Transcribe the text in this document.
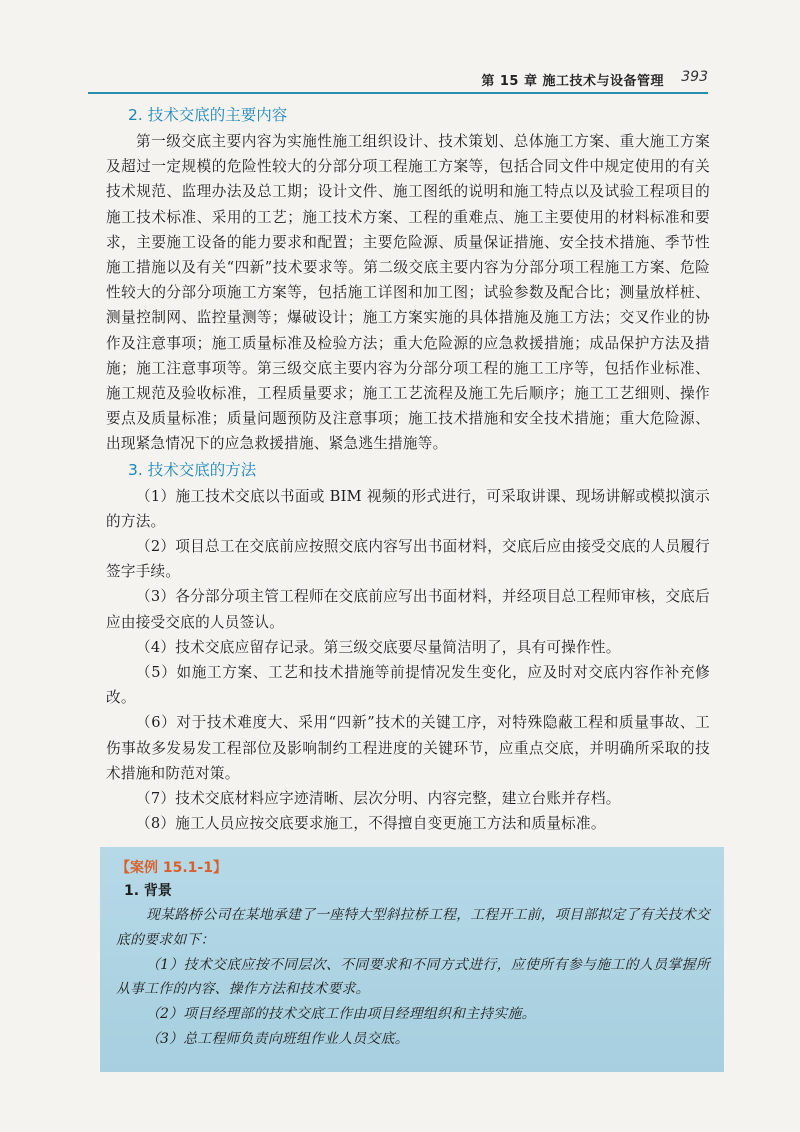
第 15 章 施工技术与设备管理 393
2. 技术交底的主要内容

第一级交底主要内容为实施性施工组织设计、技术策划、总体施工方案、重大施工方案及超过一定规模的危险性较大的分部分项工程施工方案等，包括合同文件中规定使用的有关技术规范、监理办法及总工期；设计文件、施工图纸的说明和施工特点以及试验工程项目的施工技术标准、采用的工艺；施工技术方案、工程的重难点、施工主要使用的材料标准和要求，主要施工设备的能力要求和配置；主要危险源、质量保证措施、安全技术措施、季节性施工措施以及有关“四新”技术要求等。第二级交底主要内容为分部分项工程施工方案、危险性较大的分部分项施工方案等，包括施工详图和加工图；试验参数及配合比；测量放样桩、测量控制网、监控量测等；爆破设计；施工方案实施的具体措施及施工方法；交叉作业的协作及注意事项；施工质量标准及检验方法；重大危险源的应急救援措施；成品保护方法及措施；施工注意事项等。第三级交底主要内容为分部分项工程的施工工序等，包括作业标准、施工规范及验收标准，工程质量要求；施工工艺流程及施工先后顺序；施工工艺细则、操作要点及质量标准；质量问题预防及注意事项；施工技术措施和安全技术措施；重大危险源、出现紧急情况下的应急救援措施、紧急逃生措施等。

3. 技术交底的方法

（1）施工技术交底以书面或 BIM 视频的形式进行，可采取讲课、现场讲解或模拟演示的方法。

（2）项目总工在交底前应按照交底内容写出书面材料，交底后应由接受交底的人员履行签字手续。

（3）各分部分项主管工程师在交底前应写出书面材料，并经项目总工程师审核，交底后应由接受交底的人员签认。

（4）技术交底应留存记录。第三级交底要尽量简洁明了，具有可操作性。

（5）如施工方案、工艺和技术措施等前提情况发生变化，应及时对交底内容作补充修改。

（6）对于技术难度大、采用“四新”技术的关键工序，对特殊隐蔽工程和质量事故、工伤事故多发易发工程部位及影响制约工程进度的关键环节，应重点交底，并明确所采取的技术措施和防范对策。

（7）技术交底材料应字迹清晰、层次分明、内容完整，建立台账并存档。

（8）施工人员应按交底要求施工，不得擅自变更施工方法和质量标准。

【案例 15.1-1】
1. 背景

现某路桥公司在某地承建了一座特大型斜拉桥工程，工程开工前，项目部拟定了有关技术交底的要求如下：

（1）技术交底应按不同层次、不同要求和不同方式进行，应使所有参与施工的人员掌握所从事工作的内容、操作方法和技术要求。

（2）项目经理部的技术交底工作由项目经理组织和主持实施。

（3）总工程师负责向班组作业人员交底。
